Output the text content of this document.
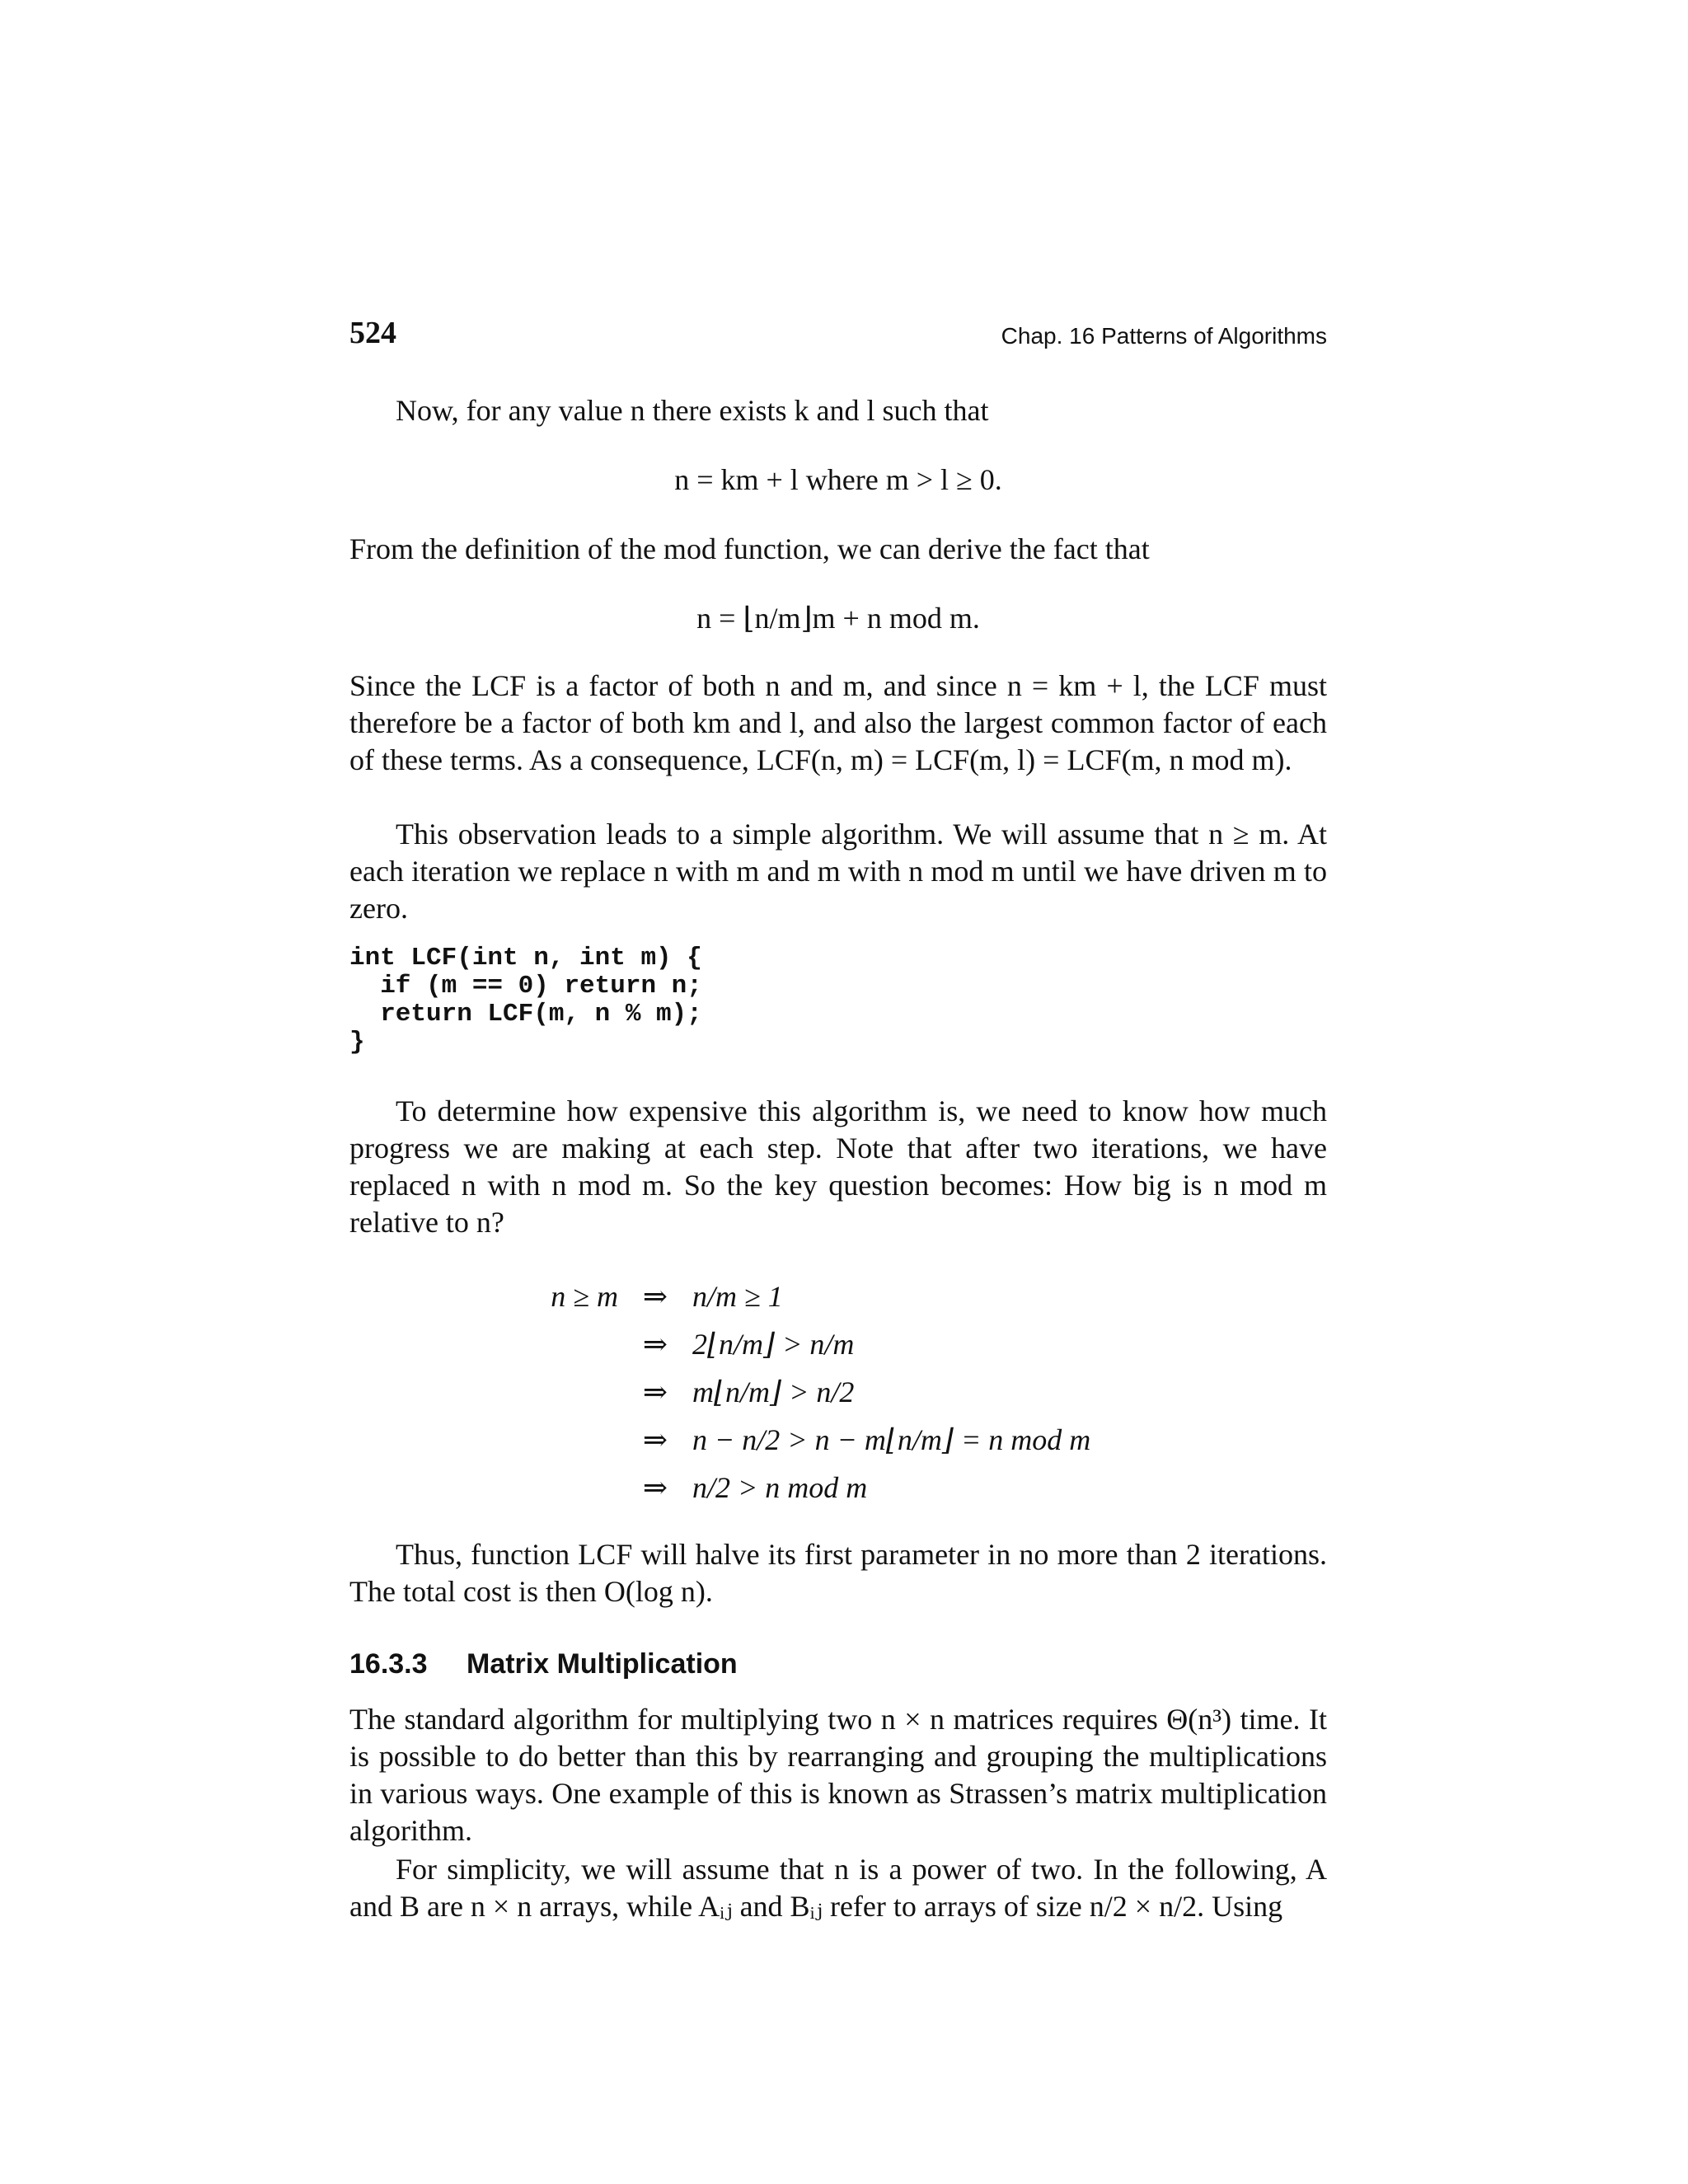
524	Chap. 16 Patterns of Algorithms
Now, for any value n there exists k and l such that
n = km + l where m > l ≥ 0.
From the definition of the mod function, we can derive the fact that
n = ⌊n/m⌋m + n mod m.
Since the LCF is a factor of both n and m, and since n = km + l, the LCF must therefore be a factor of both km and l, and also the largest common factor of each of these terms. As a consequence, LCF(n, m) = LCF(m, l) = LCF(m, n mod m).
This observation leads to a simple algorithm. We will assume that n ≥ m. At each iteration we replace n with m and m with n mod m until we have driven m to zero.
int LCF(int n, int m) {
if (m == 0) return n;
return LCF(m, n % m);
}
To determine how expensive this algorithm is, we need to know how much progress we are making at each step. Note that after two iterations, we have replaced n with n mod m. So the key question becomes: How big is n mod m relative to n?
n ≥ m ⇒ n/m ≥ 1
⇒ 2⌊n/m⌋ > n/m
⇒ m⌊n/m⌋ > n/2
⇒ n − n/2 > n − m⌊n/m⌋ = n mod m
⇒ n/2 > n mod m
Thus, function LCF will halve its first parameter in no more than 2 iterations. The total cost is then O(log n).
16.3.3 Matrix Multiplication
The standard algorithm for multiplying two n × n matrices requires Θ(n³) time. It is possible to do better than this by rearranging and grouping the multiplications in various ways. One example of this is known as Strassen’s matrix multiplication algorithm.
For simplicity, we will assume that n is a power of two. In the following, A and B are n × n arrays, while Aᵢⱼ and Bᵢⱼ refer to arrays of size n/2 × n/2. Using
